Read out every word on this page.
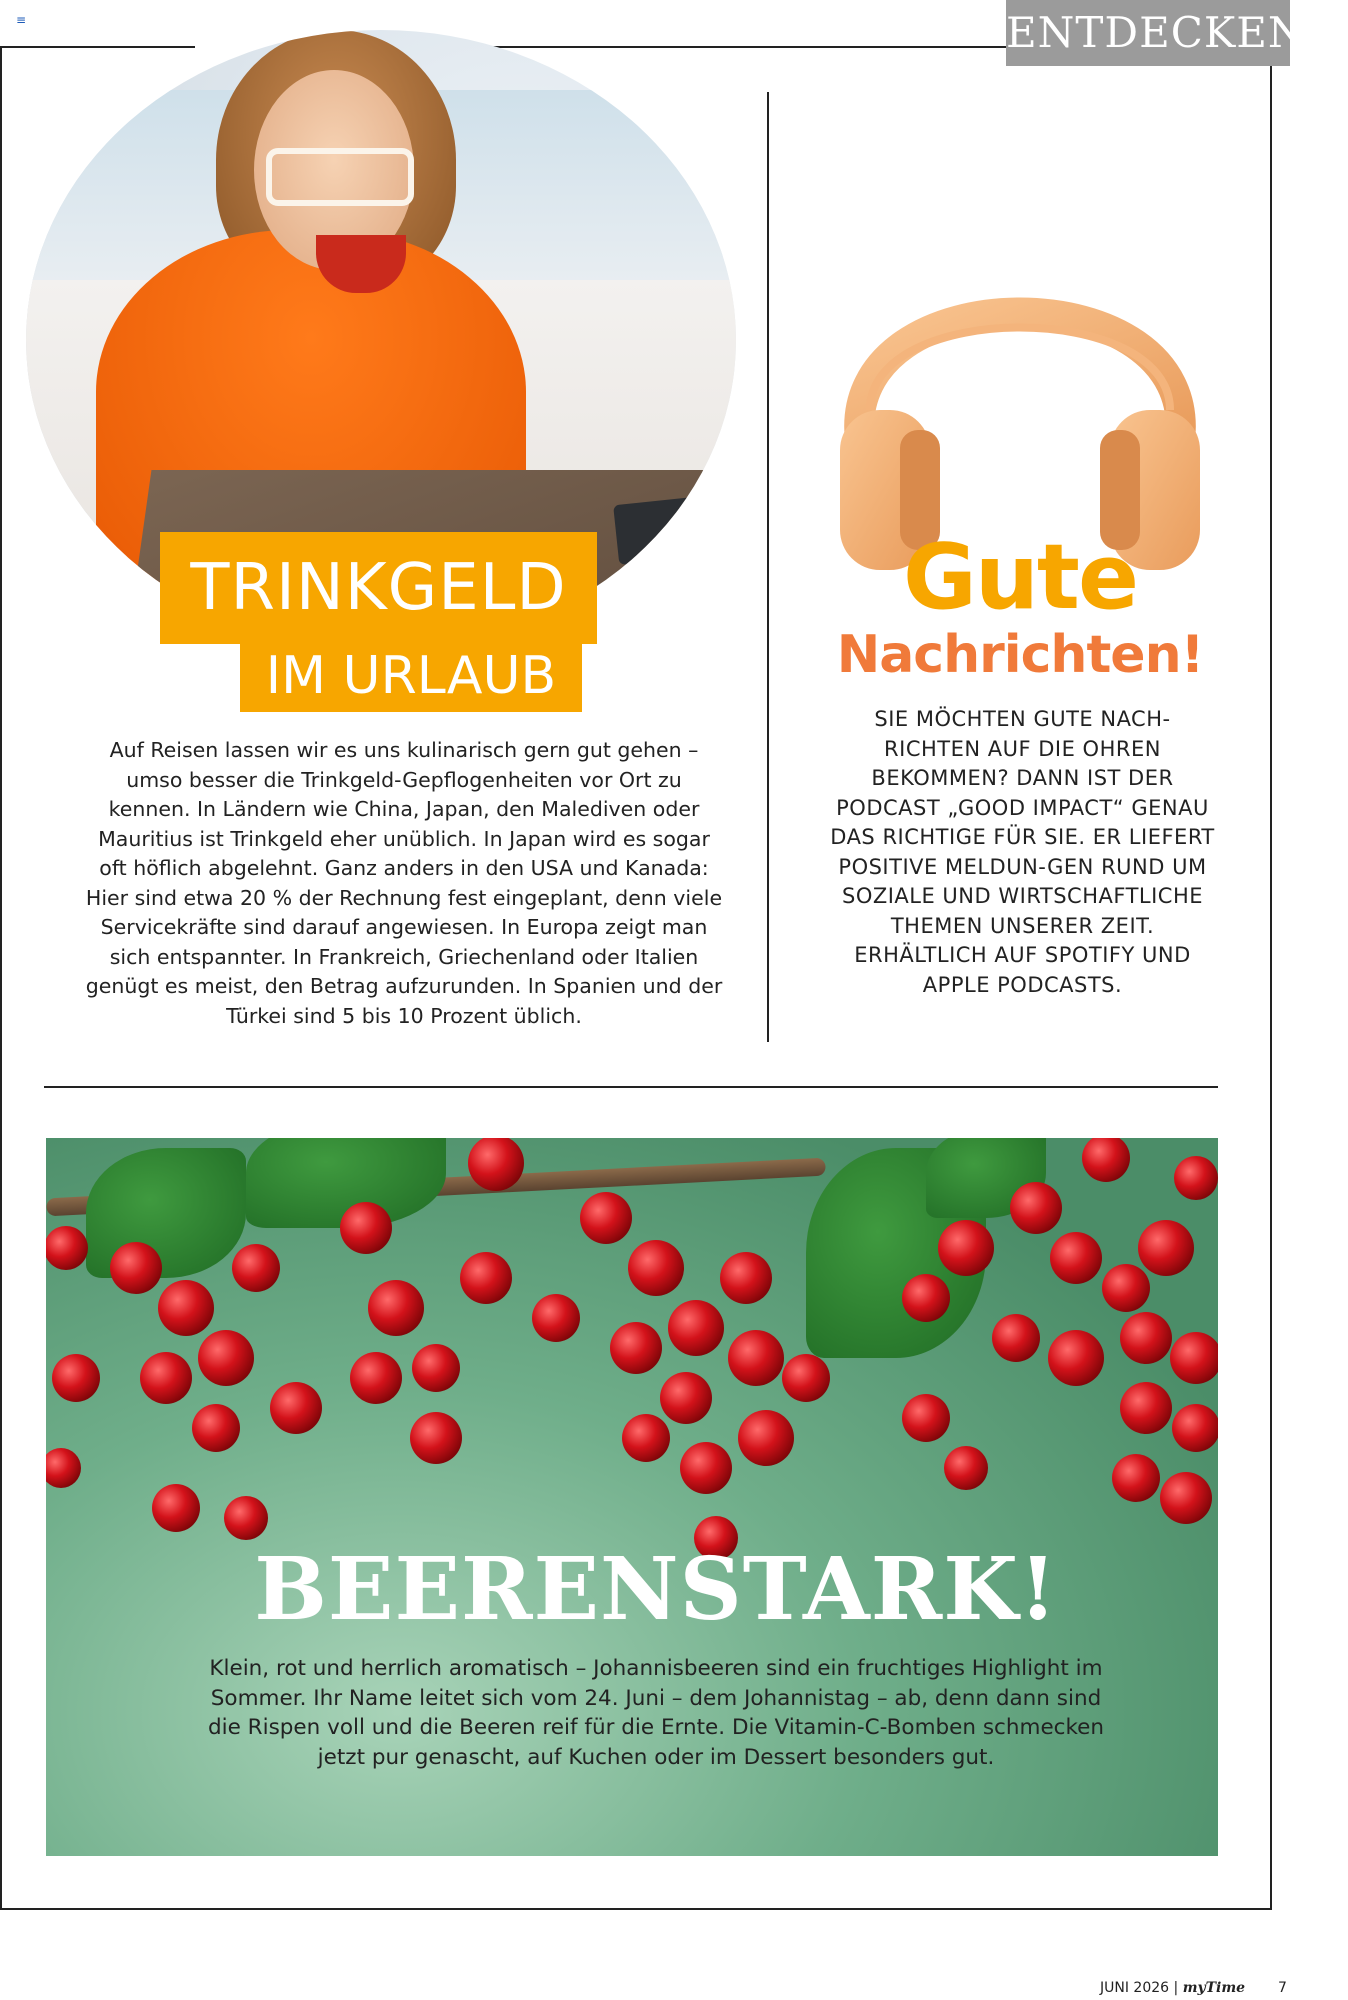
≡	ENTDECKEN
TRINKGELD
IM URLAUB
Auf Reisen lassen wir es uns kulinarisch gern gut gehen – umso besser die Trinkgeld-Gepflogenheiten vor Ort zu kennen. In Ländern wie China, Japan, den Malediven oder Mauritius ist Trinkgeld eher unüblich. In Japan wird es sogar oft höflich abgelehnt. Ganz anders in den USA und Kanada: Hier sind etwa 20 % der Rechnung fest eingeplant, denn viele Servicekräfte sind darauf angewiesen. In Europa zeigt man sich entspannter. In Frankreich, Griechenland oder Italien genügt es meist, den Betrag aufzurunden. In Spanien und der Türkei sind 5 bis 10 Prozent üblich.
Gute
Nachrichten!
SIE MÖCHTEN GUTE NACH-RICHTEN AUF DIE OHREN BEKOMMEN? DANN IST DER PODCAST „GOOD IMPACT“ GENAU DAS RICHTIGE FÜR SIE. ER LIEFERT POSITIVE MELDUN-GEN RUND UM SOZIALE UND WIRTSCHAFTLICHE THEMEN UNSERER ZEIT. ERHÄLTLICH AUF SPOTIFY UND APPLE PODCASTS.
BEERENSTARK!
Klein, rot und herrlich aromatisch – Johannisbeeren sind ein fruchtiges Highlight im Sommer. Ihr Name leitet sich vom 24. Juni – dem Johannistag – ab, denn dann sind die Rispen voll und die Beeren reif für die Ernte. Die Vitamin-C-Bomben schmecken jetzt pur genascht, auf Kuchen oder im Dessert besonders gut.
JUNI 2026 | myTime 7
